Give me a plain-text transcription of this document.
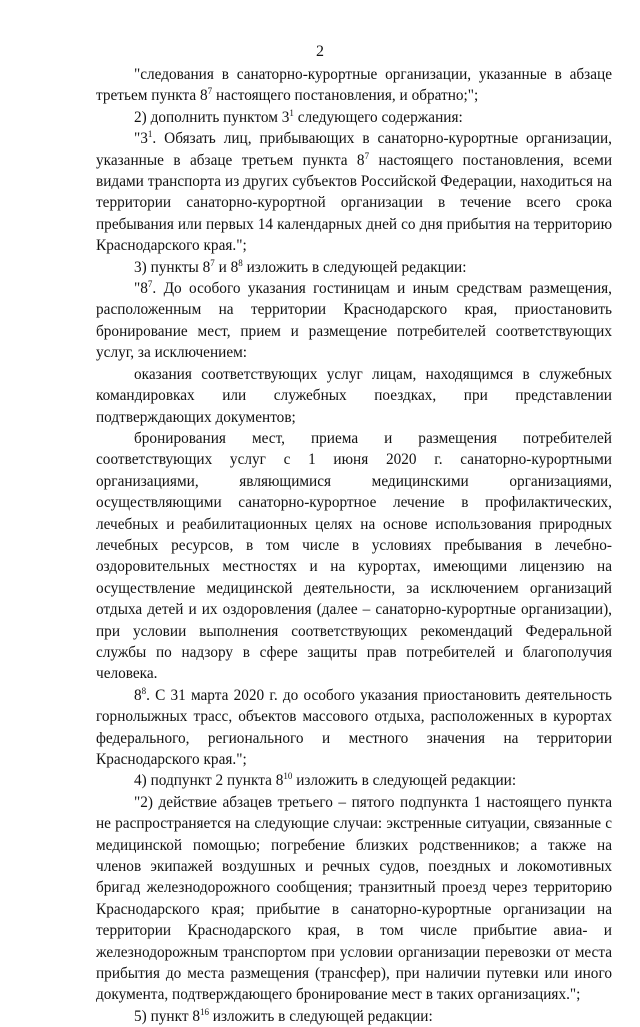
2

"следования в санаторно-курортные организации, указанные в абзаце третьем пункта $8^7$ настоящего постановления, и обратно;";

2) дополнить пунктом $3^1$ следующего содержания:

"$3^1$. Обязать лиц, прибывающих в санаторно-курортные организации, указанные в абзаце третьем пункта $8^7$ настоящего постановления, всеми видами транспорта из других субъектов Российской Федерации, находиться на территории санаторно-курортной организации в течение всего срока пребывания или первых 14 календарных дней со дня прибытия на территорию Краснодарского края.";

3) пункты $8^7$ и $8^8$ изложить в следующей редакции:

"$8^7$. До особого указания гостиницам и иным средствам размещения, расположенным на территории Краснодарского края, приостановить бронирование мест, прием и размещение потребителей соответствующих услуг, за исключением:

оказания соответствующих услуг лицам, находящимся в служебных командировках или служебных поездках, при представлении подтверждающих документов;

бронирования мест, приема и размещения потребителей соответствующих услуг с 1 июня 2020 г. санаторно-курортными организациями, являющимися медицинскими организациями, осуществляющими санаторно-курортное лечение в профилактических, лечебных и реабилитационных целях на основе использования природных лечебных ресурсов, в том числе в условиях пребывания в лечебно-оздоровительных местностях и на курортах, имеющими лицензию на осуществление медицинской деятельности, за исключением организаций отдыха детей и их оздоровления (далее – санаторно-курортные организации), при условии выполнения соответствующих рекомендаций Федеральной службы по надзору в сфере защиты прав потребителей и благополучия человека.

$8^8$. С 31 марта 2020 г. до особого указания приостановить деятельность горнолыжных трасс, объектов массового отдыха, расположенных в курортах федерального, регионального и местного значения на территории Краснодарского края.";

4) подпункт 2 пункта $8^{10}$ изложить в следующей редакции:

"2) действие абзацев третьего – пятого подпункта 1 настоящего пункта не распространяется на следующие случаи: экстренные ситуации, связанные с медицинской помощью; погребение близких родственников; а также на членов экипажей воздушных и речных судов, поездных и локомотивных бригад железнодорожного сообщения; транзитный проезд через территорию Краснодарского края; прибытие в санаторно-курортные организации на территории Краснодарского края, в том числе прибытие авиа- и железнодорожным транспортом при условии организации перевозки от места прибытия до места размещения (трансфер), при наличии путевки или иного документа, подтверждающего бронирование мест в таких организациях.";

5) пункт $8^{16}$ изложить в следующей редакции:
